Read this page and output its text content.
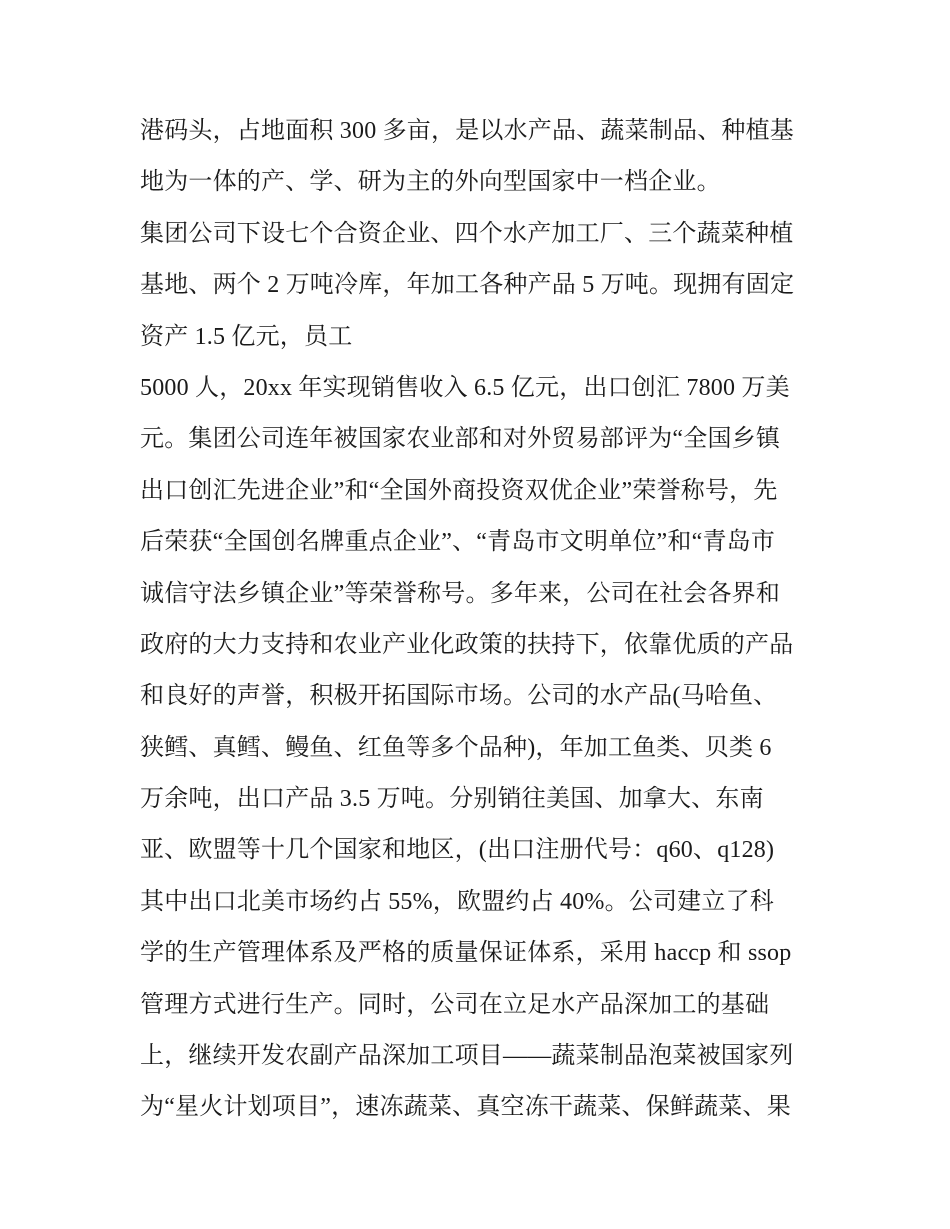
港码头，占地面积 300 多亩，是以水产品、蔬菜制品、种植基
地为一体的产、学、研为主的外向型国家中一档企业。
集团公司下设七个合资企业、四个水产加工厂、三个蔬菜种植
基地、两个 2 万吨冷库，年加工各种产品 5 万吨。现拥有固定
资产 1.5 亿元，员工
5000 人，20xx 年实现销售收入 6.5 亿元，出口创汇 7800 万美
元。集团公司连年被国家农业部和对外贸易部评为“全国乡镇
出口创汇先进企业”和“全国外商投资双优企业”荣誉称号，先
后荣获“全国创名牌重点企业”、“青岛市文明单位”和“青岛市
诚信守法乡镇企业”等荣誉称号。多年来，公司在社会各界和
政府的大力支持和农业产业化政策的扶持下，依靠优质的产品
和良好的声誉，积极开拓国际市场。公司的水产品(马哈鱼、
狭鳕、真鳕、鳗鱼、红鱼等多个品种)，年加工鱼类、贝类 6
万余吨，出口产品 3.5 万吨。分别销往美国、加拿大、东南
亚、欧盟等十几个国家和地区，(出口注册代号：q60、q128)
其中出口北美市场约占 55%，欧盟约占 40%。公司建立了科
学的生产管理体系及严格的质量保证体系，采用 haccp 和 ssop
管理方式进行生产。同时，公司在立足水产品深加工的基础
上，继续开发农副产品深加工项目——蔬菜制品泡菜被国家列
为“星火计划项目”，速冻蔬菜、真空冻干蔬菜、保鲜蔬菜、果
